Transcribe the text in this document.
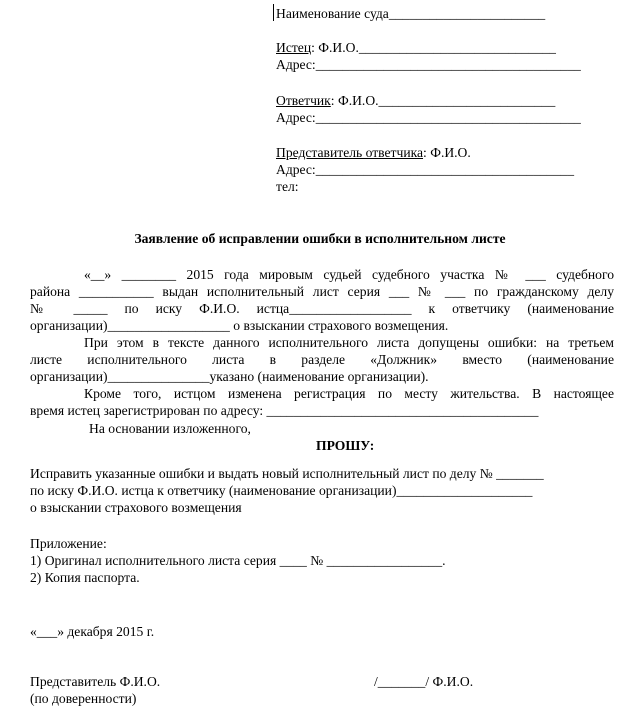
Наименование суда_______________________
Истец: Ф.И.О._____________________________
Адрес:_______________________________________
Ответчик: Ф.И.О.__________________________
Адрес:_______________________________________
Представитель ответчика: Ф.И.О.
Адрес:______________________________________
тел:
Заявление об исправлении ошибки в исполнительном листе
«__» ________ 2015 года мировым судьей судебного участка № ___ судебного
района ___________ выдан исполнительный лист серия ___ № ___ по гражданскому делу
№ _____ по иску Ф.И.О. истца__________________ к ответчику (наименование
организации)__________________ о взыскании страхового возмещения.
При этом в тексте данного исполнительного листа допущены ошибки: на третьем
листе исполнительного листа в разделе «Должник» вместо (наименование
организации)_______________указано (наименование организации).
Кроме того, истцом изменена регистрация по месту жительства. В настоящее
время истец зарегистрирован по адресу: ________________________________________
На основании изложенного,
ПРОШУ:
Исправить указанные ошибки и выдать новый исполнительный лист по делу № _______
по иску Ф.И.О. истца к ответчику (наименование организации)____________________
о взыскании страхового возмещения
Приложение:
1) Оригинал исполнительного листа серия ____ № _________________.
2) Копия паспорта.
«___» декабря 2015 г.
Представитель Ф.И.О.
(по доверенности)
/_______/ Ф.И.О.
